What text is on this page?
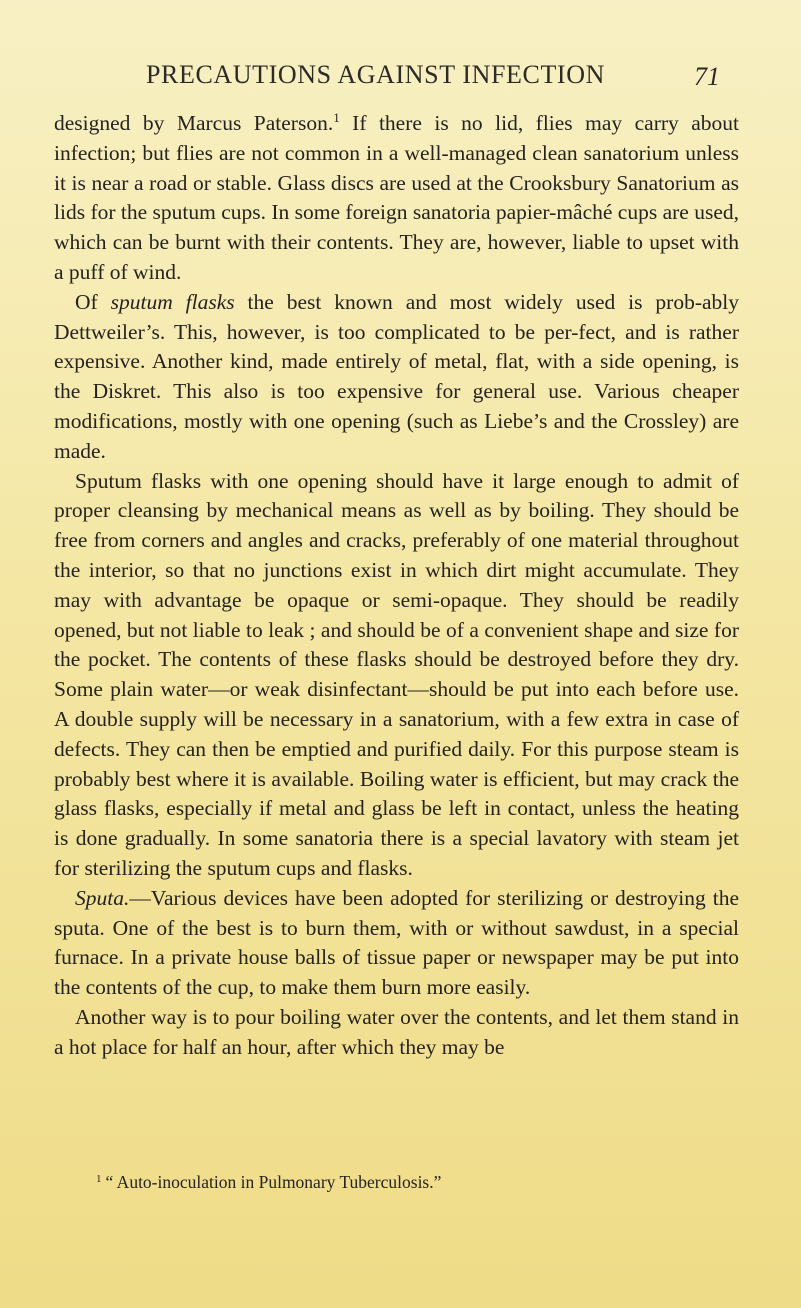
PRECAUTIONS AGAINST INFECTION	71

designed by Marcus Paterson.$^1$ If there is no lid, flies may carry about infection; but flies are not common in a well-managed clean sanatorium unless it is near a road or stable. Glass discs are used at the Crooksbury Sanatorium as lids for the sputum cups. In some foreign sanatoria papier-mâché cups are used, which can be burnt with their contents. They are, however, liable to upset with a puff of wind.

Of sputum flasks the best known and most widely used is prob-ably Dettweiler’s. This, however, is too complicated to be per-fect, and is rather expensive. Another kind, made entirely of metal, flat, with a side opening, is the Diskret. This also is too expensive for general use. Various cheaper modifications, mostly with one opening (such as Liebe’s and the Crossley) are made.

Sputum flasks with one opening should have it large enough to admit of proper cleansing by mechanical means as well as by boiling. They should be free from corners and angles and cracks, preferably of one material throughout the interior, so that no junctions exist in which dirt might accumulate. They may with advantage be opaque or semi-opaque. They should be readily opened, but not liable to leak ; and should be of a convenient shape and size for the pocket. The contents of these flasks should be destroyed before they dry. Some plain water—or weak disinfectant—should be put into each before use. A double supply will be necessary in a sanatorium, with a few extra in case of defects. They can then be emptied and purified daily. For this purpose steam is probably best where it is available. Boiling water is efficient, but may crack the glass flasks, especially if metal and glass be left in contact, unless the heating is done gradually. In some sanatoria there is a special lavatory with steam jet for sterilizing the sputum cups and flasks.

Sputa.—Various devices have been adopted for sterilizing or destroying the sputa. One of the best is to burn them, with or without sawdust, in a special furnace. In a private house balls of tissue paper or newspaper may be put into the contents of the cup, to make them burn more easily.

Another way is to pour boiling water over the contents, and let them stand in a hot place for half an hour, after which they may be

$^1$ “ Auto-inoculation in Pulmonary Tuberculosis.”
